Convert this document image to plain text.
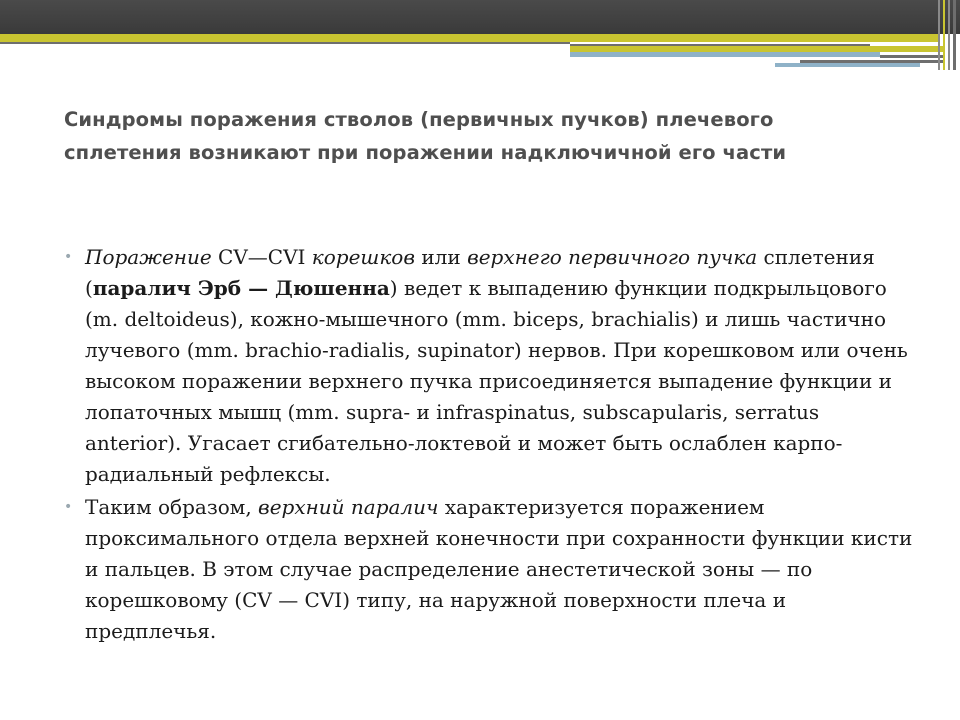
Синдромы поражения стволов (первичных пучков) плечевого
сплетения возникают при поражении надключичной его части
• Поражение CV—CVI корешков или верхнего первичного пучка сплетения (паралич Эрб — Дюшенна) ведет к выпадению функции подкрыльцового (m. deltoideus), кожно-мышечного (mm. biceps, brachialis) и лишь частично лучевого (mm. brachio-radialis, supinator) нервов. При корешковом или очень высоком поражении верхнего пучка присоединяется выпадение функции и лопаточных мышц (mm. supra- и infraspinatus, subscapularis, serratus anterior). Угасает сгибательно-локтевой и может быть ослаблен карпо-радиальный рефлексы.
• Таким образом, верхний паралич характеризуется поражением проксимального отдела верхней конечности при сохранности функции кисти и пальцев. В этом случае распределение анестетической зоны — по корешковому (CV — CVI) типу, на наружной поверхности плеча и предплечья.
